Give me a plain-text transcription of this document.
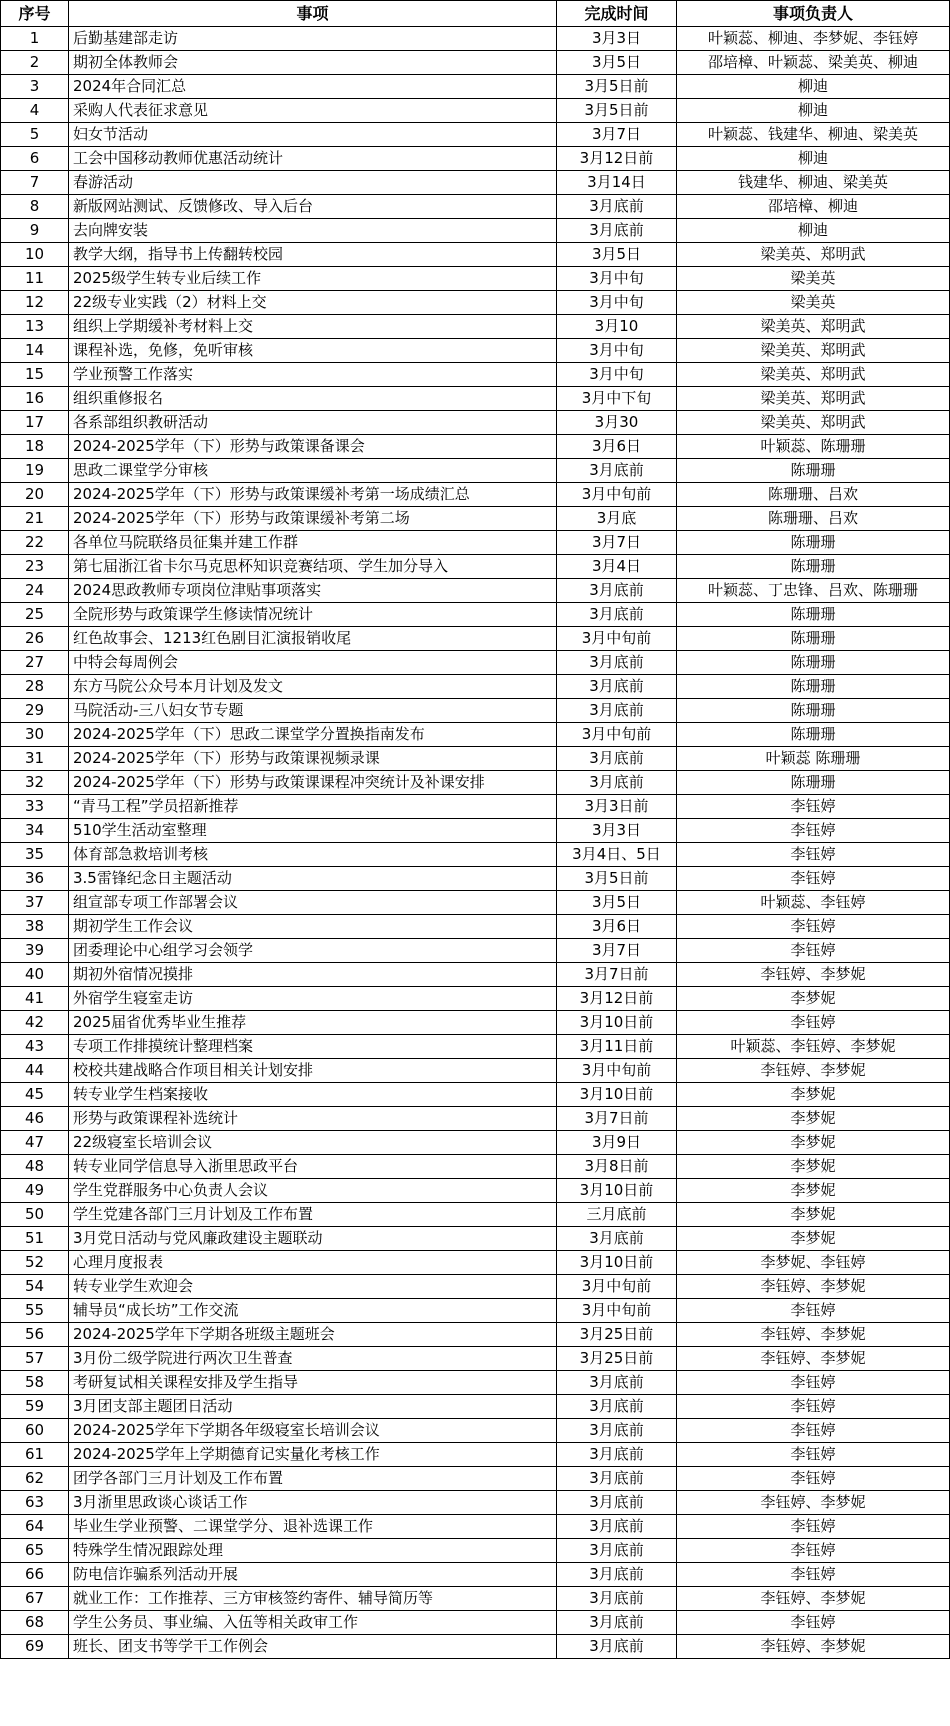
序号	事项	完成时间	事项负责人
1	后勤基建部走访	3月3日	叶颖蕊、柳迪、李梦妮、李钰婷
2	期初全体教师会	3月5日	邵培樟、叶颖蕊、梁美英、柳迪
3	2024年合同汇总	3月5日前	柳迪
4	采购人代表征求意见	3月5日前	柳迪
5	妇女节活动	3月7日	叶颖蕊、钱建华、柳迪、梁美英
6	工会中国移动教师优惠活动统计	3月12日前	柳迪
7	春游活动	3月14日	钱建华、柳迪、梁美英
8	新版网站测试、反馈修改、导入后台	3月底前	邵培樟、柳迪
9	去向牌安装	3月底前	柳迪
10	教学大纲，指导书上传翻转校园	3月5日	梁美英、郑明武
11	2025级学生转专业后续工作	3月中旬	梁美英
12	22级专业实践（2）材料上交	3月中旬	梁美英
13	组织上学期缓补考材料上交	3月10	梁美英、郑明武
14	课程补选，免修，免听审核	3月中旬	梁美英、郑明武
15	学业预警工作落实	3月中旬	梁美英、郑明武
16	组织重修报名	3月中下旬	梁美英、郑明武
17	各系部组织教研活动	3月30	梁美英、郑明武
18	2024-2025学年（下）形势与政策课备课会	3月6日	叶颖蕊、陈珊珊
19	思政二课堂学分审核	3月底前	陈珊珊
20	2024-2025学年（下）形势与政策课缓补考第一场成绩汇总	3月中旬前	陈珊珊、吕欢
21	2024-2025学年（下）形势与政策课缓补考第二场	3月底	陈珊珊、吕欢
22	各单位马院联络员征集并建工作群	3月7日	陈珊珊
23	第七届浙江省卡尔马克思杯知识竞赛结项、学生加分导入	3月4日	陈珊珊
24	2024思政教师专项岗位津贴事项落实	3月底前	叶颖蕊、丁忠锋、吕欢、陈珊珊
25	全院形势与政策课学生修读情况统计	3月底前	陈珊珊
26	红色故事会、1213红色剧目汇演报销收尾	3月中旬前	陈珊珊
27	中特会每周例会	3月底前	陈珊珊
28	东方马院公众号本月计划及发文	3月底前	陈珊珊
29	马院活动-三八妇女节专题	3月底前	陈珊珊
30	2024-2025学年（下）思政二课堂学分置换指南发布	3月中旬前	陈珊珊
31	2024-2025学年（下）形势与政策课视频录课	3月底前	叶颖蕊 陈珊珊
32	2024-2025学年（下）形势与政策课课程冲突统计及补课安排	3月底前	陈珊珊
33	“青马工程”学员招新推荐	3月3日前	李钰婷
34	510学生活动室整理	3月3日	李钰婷
35	体育部急救培训考核	3月4日、5日	李钰婷
36	3.5雷锋纪念日主题活动	3月5日前	李钰婷
37	组宣部专项工作部署会议	3月5日	叶颖蕊、李钰婷
38	期初学生工作会议	3月6日	李钰婷
39	团委理论中心组学习会领学	3月7日	李钰婷
40	期初外宿情况摸排	3月7日前	李钰婷、李梦妮
41	外宿学生寝室走访	3月12日前	李梦妮
42	2025届省优秀毕业生推荐	3月10日前	李钰婷
43	专项工作排摸统计整理档案	3月11日前	叶颖蕊、李钰婷、李梦妮
44	校校共建战略合作项目相关计划安排	3月中旬前	李钰婷、李梦妮
45	转专业学生档案接收	3月10日前	李梦妮
46	形势与政策课程补选统计	3月7日前	李梦妮
47	22级寝室长培训会议	3月9日	李梦妮
48	转专业同学信息导入浙里思政平台	3月8日前	李梦妮
49	学生党群服务中心负责人会议	3月10日前	李梦妮
50	学生党建各部门三月计划及工作布置	三月底前	李梦妮
51	3月党日活动与党风廉政建设主题联动	3月底前	李梦妮
52	心理月度报表	3月10日前	李梦妮、李钰婷
54	转专业学生欢迎会	3月中旬前	李钰婷、李梦妮
55	辅导员“成长坊”工作交流	3月中旬前	李钰婷
56	2024-2025学年下学期各班级主题班会	3月25日前	李钰婷、李梦妮
57	3月份二级学院进行两次卫生普查	3月25日前	李钰婷、李梦妮
58	考研复试相关课程安排及学生指导	3月底前	李钰婷
59	3月团支部主题团日活动	3月底前	李钰婷
60	2024-2025学年下学期各年级寝室长培训会议	3月底前	李钰婷
61	2024-2025学年上学期德育记实量化考核工作	3月底前	李钰婷
62	团学各部门三月计划及工作布置	3月底前	李钰婷
63	3月浙里思政谈心谈话工作	3月底前	李钰婷、李梦妮
64	毕业生学业预警、二课堂学分、退补选课工作	3月底前	李钰婷
65	特殊学生情况跟踪处理	3月底前	李钰婷
66	防电信诈骗系列活动开展	3月底前	李钰婷
67	就业工作：工作推荐、三方审核签约寄件、辅导简历等	3月底前	李钰婷、李梦妮
68	学生公务员、事业编、入伍等相关政审工作	3月底前	李钰婷
69	班长、团支书等学干工作例会	3月底前	李钰婷、李梦妮
